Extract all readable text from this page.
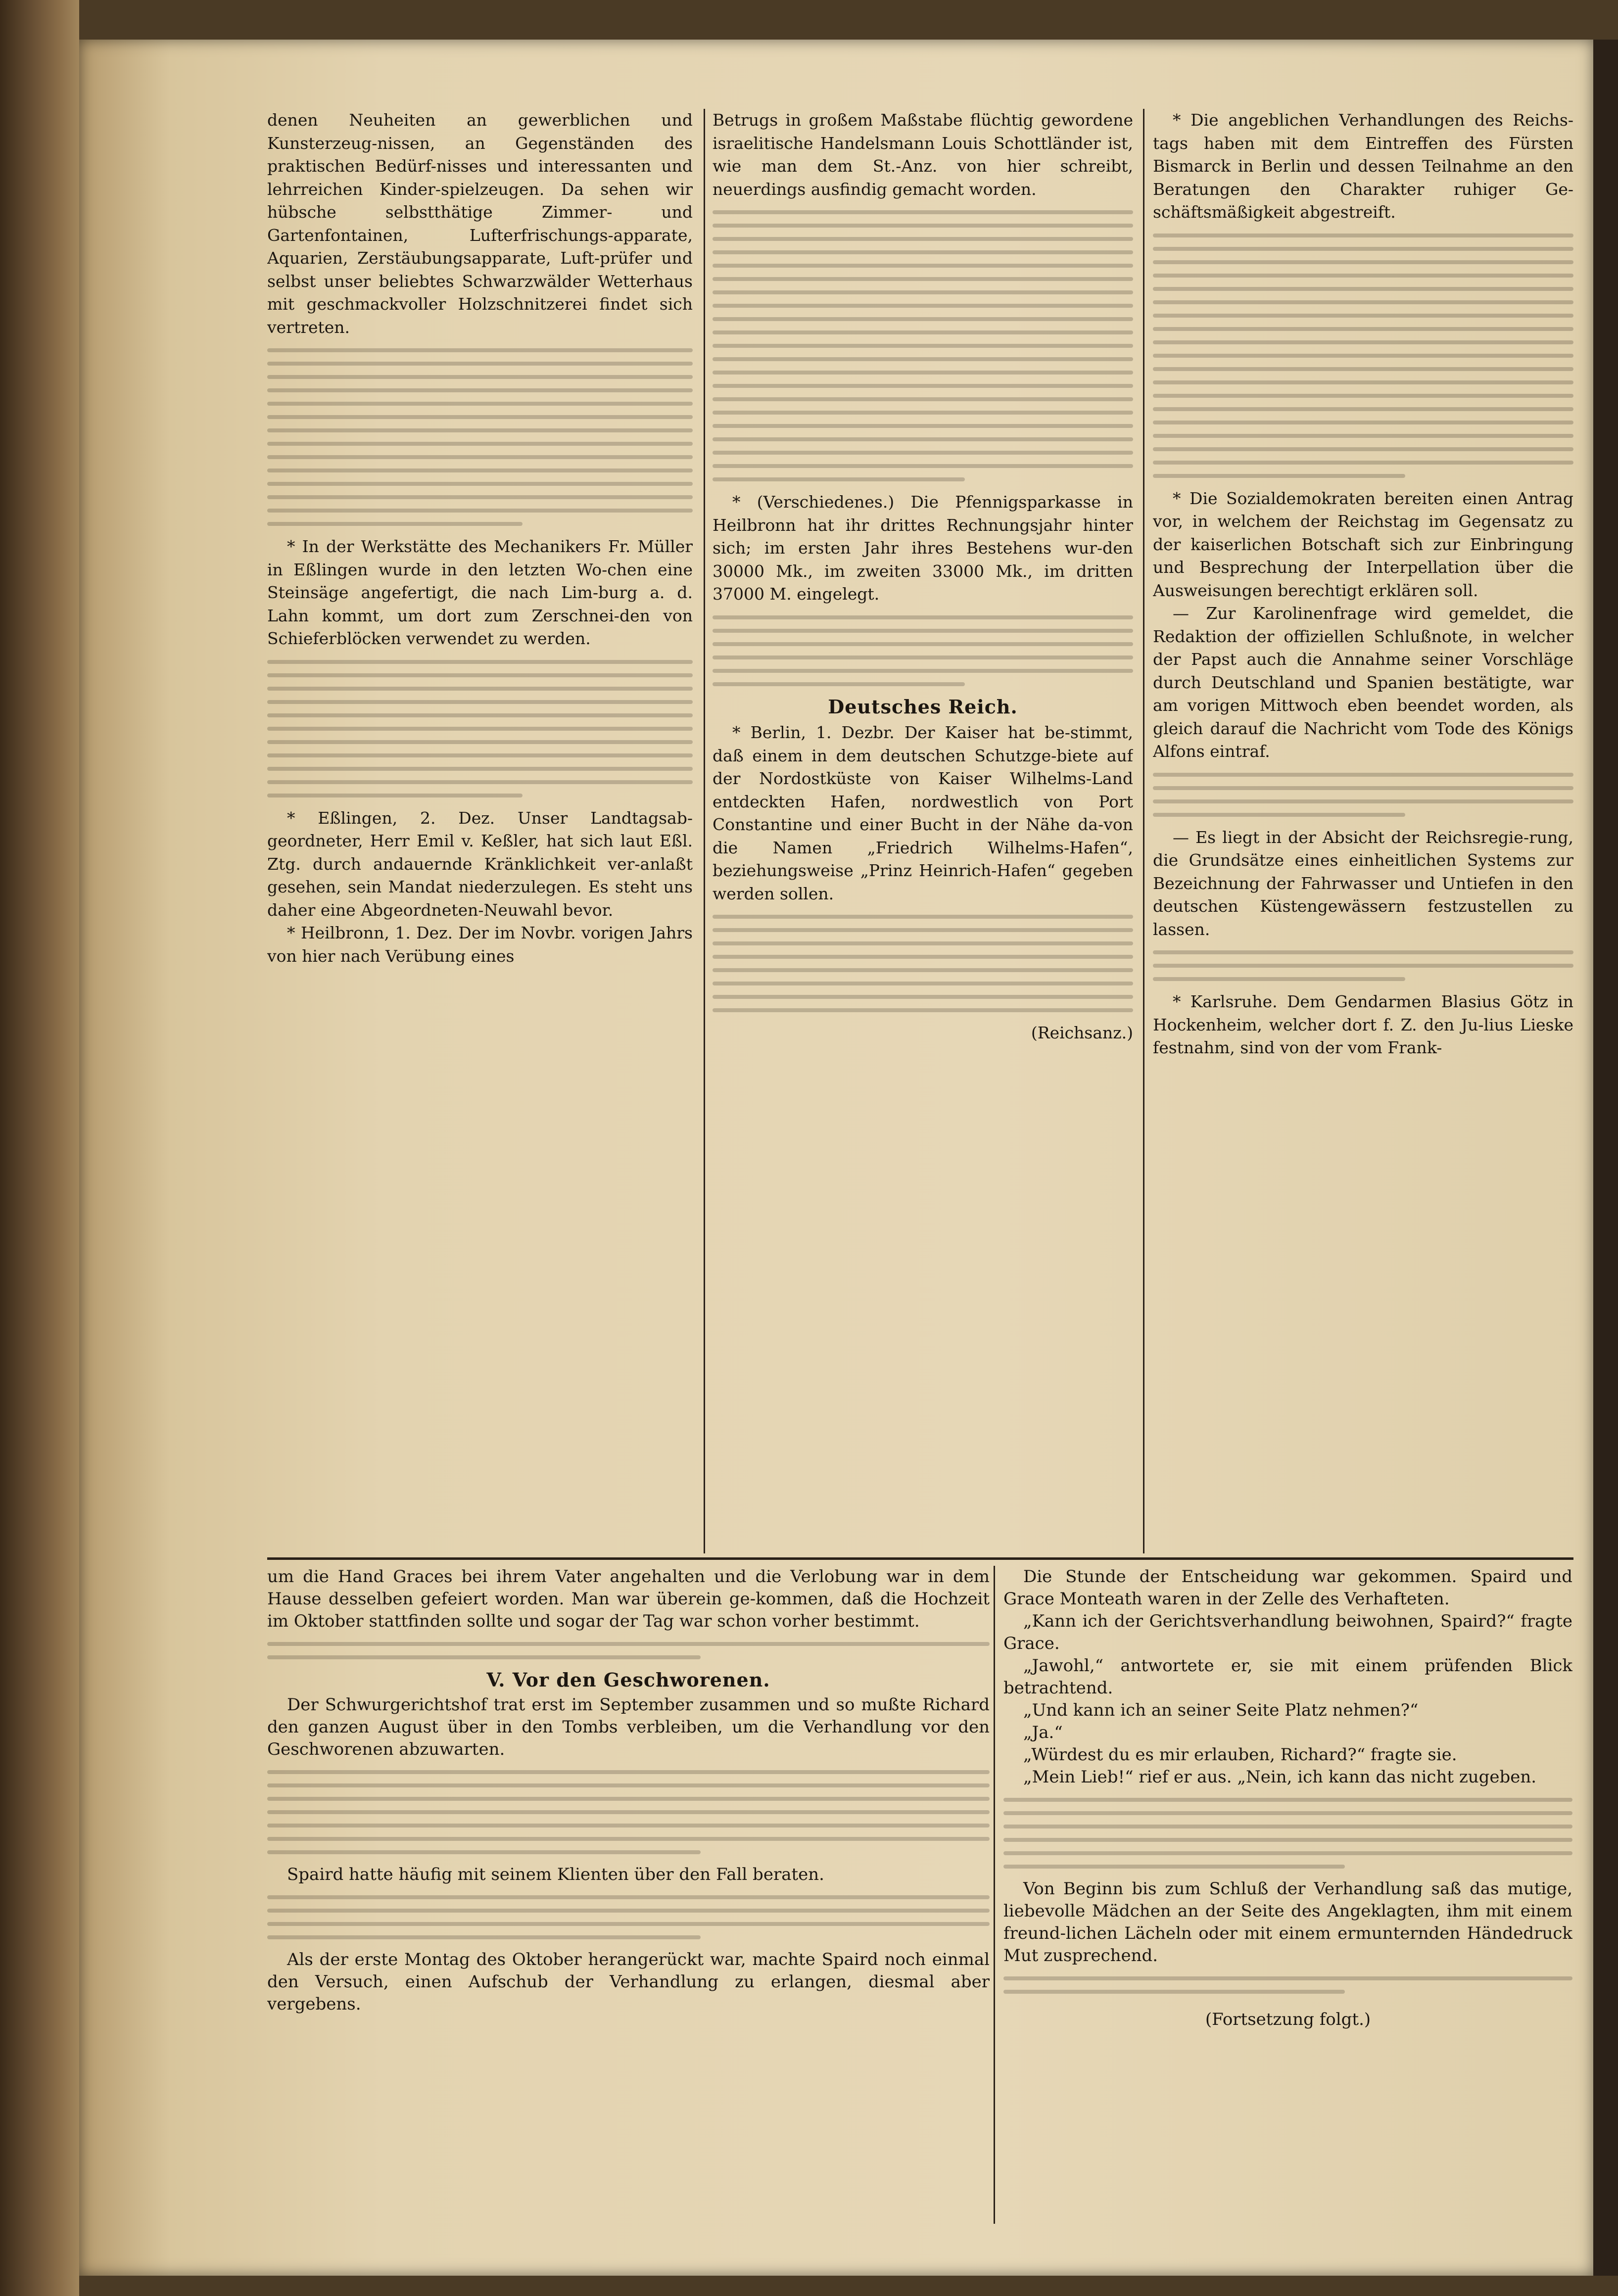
denen Neuheiten an gewerblichen und Kunsterzeug-nissen, an Gegenständen des praktischen Bedürf-nisses und interessanten und lehrreichen Kinder-spielzeugen. Da sehen wir hübsche selbstthätige Zimmer- und Gartenfontainen, Lufterfrischungs-apparate, Aquarien, Zerstäubungsapparate, Luft-prüfer und selbst unser beliebtes Schwarzwälder Wetterhaus mit geschmackvoller Holzschnitzerei findet sich vertreten.

* In der Werkstätte des Mechanikers Fr. Müller in Eßlingen wurde in den letzten Wo-chen eine Steinsäge angefertigt, die nach Lim-burg a. d. Lahn kommt, um dort zum Zerschnei-den von Schieferblöcken verwendet zu werden.

* Eßlingen, 2. Dez. Unser Landtagsab-geordneter, Herr Emil v. Keßler, hat sich laut Eßl. Ztg. durch andauernde Kränklichkeit ver-anlaßt gesehen, sein Mandat niederzulegen. Es steht uns daher eine Abgeordneten-Neuwahl bevor.

* Heilbronn, 1. Dez. Der im Novbr. vorigen Jahrs von hier nach Verübung eines

Betrugs in großem Maßstabe flüchtig gewordene israelitische Handelsmann Louis Schottländer ist, wie man dem St.-Anz. von hier schreibt, neuerdings ausfindig gemacht worden.

* (Verschiedenes.) Die Pfennigsparkasse in Heilbronn hat ihr drittes Rechnungsjahr hinter sich; im ersten Jahr ihres Bestehens wur-den 30000 Mk., im zweiten 33000 Mk., im dritten 37000 M. eingelegt.

Deutsches Reich.

* Berlin, 1. Dezbr. Der Kaiser hat be-stimmt, daß einem in dem deutschen Schutzge-biete auf der Nordostküste von Kaiser Wilhelms-Land entdeckten Hafen, nordwestlich von Port Constantine und einer Bucht in der Nähe da-von die Namen „Friedrich Wilhelms-Hafen“, beziehungsweise „Prinz Heinrich-Hafen“ gegeben werden sollen.

(Reichsanz.)

* Die angeblichen Verhandlungen des Reichs-tags haben mit dem Eintreffen des Fürsten Bismarck in Berlin und dessen Teilnahme an den Beratungen den Charakter ruhiger Ge-schäftsmäßigkeit abgestreift.

* Die Sozialdemokraten bereiten einen Antrag vor, in welchem der Reichstag im Gegensatz zu der kaiserlichen Botschaft sich zur Einbringung und Besprechung der Interpellation über die Ausweisungen berechtigt erklären soll.

— Zur Karolinenfrage wird gemeldet, die Redaktion der offiziellen Schlußnote, in welcher der Papst auch die Annahme seiner Vorschläge durch Deutschland und Spanien bestätigte, war am vorigen Mittwoch eben beendet worden, als gleich darauf die Nachricht vom Tode des Königs Alfons eintraf.

— Es liegt in der Absicht der Reichsregie-rung, die Grundsätze eines einheitlichen Systems zur Bezeichnung der Fahrwasser und Untiefen in den deutschen Küstengewässern festzustellen zu lassen.

* Karlsruhe. Dem Gendarmen Blasius Götz in Hockenheim, welcher dort f. Z. den Ju-lius Lieske festnahm, sind von der vom Frank-

um die Hand Graces bei ihrem Vater angehalten und die Verlobung war in dem Hause desselben gefeiert worden. Man war überein ge-kommen, daß die Hochzeit im Oktober stattfinden sollte und sogar der Tag war schon vorher bestimmt.

V. Vor den Geschworenen.

Der Schwurgerichtshof trat erst im September zusammen und so mußte Richard den ganzen August über in den Tombs verbleiben, um die Verhandlung vor den Geschworenen abzuwarten.

Spaird hatte häufig mit seinem Klienten über den Fall beraten.

Als der erste Montag des Oktober herangerückt war, machte Spaird noch einmal den Versuch, einen Aufschub der Verhandlung zu erlangen, diesmal aber vergebens.

Die Stunde der Entscheidung war gekommen. Spaird und Grace Monteath waren in der Zelle des Verhafteten.

„Kann ich der Gerichtsverhandlung beiwohnen, Spaird?“ fragte Grace.

„Jawohl,“ antwortete er, sie mit einem prüfenden Blick betrachtend.

„Und kann ich an seiner Seite Platz nehmen?“

„Ja.“

„Würdest du es mir erlauben, Richard?“ fragte sie.

„Mein Lieb!“ rief er aus. „Nein, ich kann das nicht zugeben.

Von Beginn bis zum Schluß der Verhandlung saß das mutige, liebevolle Mädchen an der Seite des Angeklagten, ihm mit einem freund-lichen Lächeln oder mit einem ermunternden Händedruck Mut zusprechend.

(Fortsetzung folgt.)
